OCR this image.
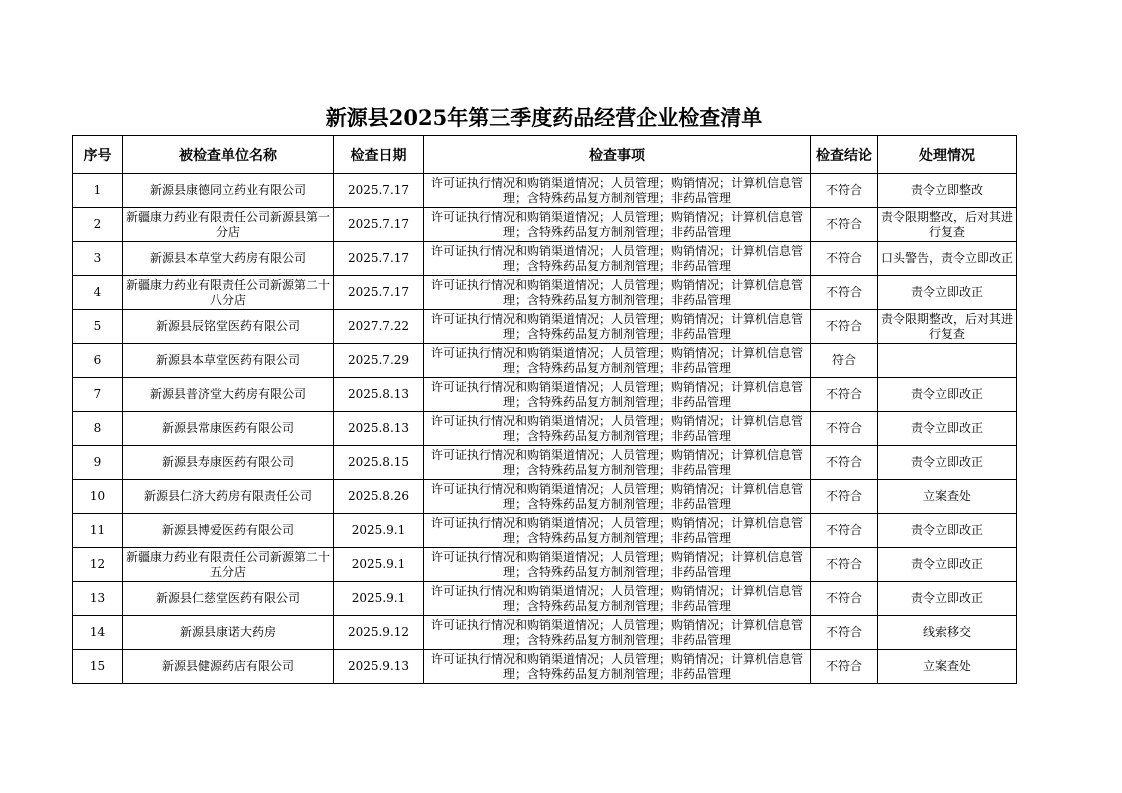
新源县2025年第三季度药品经营企业检查清单
序号	被检查单位名称	检查日期	检查事项	检查结论	处理情况
1	新源县康德同立药业有限公司	2025.7.17	许可证执行情况和购销渠道情况；人员管理；购销情况；计算机信息管理；含特殊药品复方制剂管理；非药品管理	不符合	责令立即整改
2	新疆康力药业有限责任公司新源县第一分店	2025.7.17	许可证执行情况和购销渠道情况；人员管理；购销情况；计算机信息管理；含特殊药品复方制剂管理；非药品管理	不符合	责令限期整改，后对其进行复查
3	新源县本草堂大药房有限公司	2025.7.17	许可证执行情况和购销渠道情况；人员管理；购销情况；计算机信息管理；含特殊药品复方制剂管理；非药品管理	不符合	口头警告，责令立即改正
4	新疆康力药业有限责任公司新源第二十八分店	2025.7.17	许可证执行情况和购销渠道情况；人员管理；购销情况；计算机信息管理；含特殊药品复方制剂管理；非药品管理	不符合	责令立即改正
5	新源县辰铭堂医药有限公司	2027.7.22	许可证执行情况和购销渠道情况；人员管理；购销情况；计算机信息管理；含特殊药品复方制剂管理；非药品管理	不符合	责令限期整改，后对其进行复查
6	新源县本草堂医药有限公司	2025.7.29	许可证执行情况和购销渠道情况；人员管理；购销情况；计算机信息管理；含特殊药品复方制剂管理；非药品管理	符合	
7	新源县普济堂大药房有限公司	2025.8.13	许可证执行情况和购销渠道情况；人员管理；购销情况；计算机信息管理；含特殊药品复方制剂管理；非药品管理	不符合	责令立即改正
8	新源县常康医药有限公司	2025.8.13	许可证执行情况和购销渠道情况；人员管理；购销情况；计算机信息管理；含特殊药品复方制剂管理；非药品管理	不符合	责令立即改正
9	新源县寿康医药有限公司	2025.8.15	许可证执行情况和购销渠道情况；人员管理；购销情况；计算机信息管理；含特殊药品复方制剂管理；非药品管理	不符合	责令立即改正
10	新源县仁济大药房有限责任公司	2025.8.26	许可证执行情况和购销渠道情况；人员管理；购销情况；计算机信息管理；含特殊药品复方制剂管理；非药品管理	不符合	立案查处
11	新源县博爱医药有限公司	2025.9.1	许可证执行情况和购销渠道情况；人员管理；购销情况；计算机信息管理；含特殊药品复方制剂管理；非药品管理	不符合	责令立即改正
12	新疆康力药业有限责任公司新源第二十五分店	2025.9.1	许可证执行情况和购销渠道情况；人员管理；购销情况；计算机信息管理；含特殊药品复方制剂管理；非药品管理	不符合	责令立即改正
13	新源县仁慈堂医药有限公司	2025.9.1	许可证执行情况和购销渠道情况；人员管理；购销情况；计算机信息管理；含特殊药品复方制剂管理；非药品管理	不符合	责令立即改正
14	新源县康诺大药房	2025.9.12	许可证执行情况和购销渠道情况；人员管理；购销情况；计算机信息管理；含特殊药品复方制剂管理；非药品管理	不符合	线索移交
15	新源县健源药店有限公司	2025.9.13	许可证执行情况和购销渠道情况；人员管理；购销情况；计算机信息管理；含特殊药品复方制剂管理；非药品管理	不符合	立案查处
